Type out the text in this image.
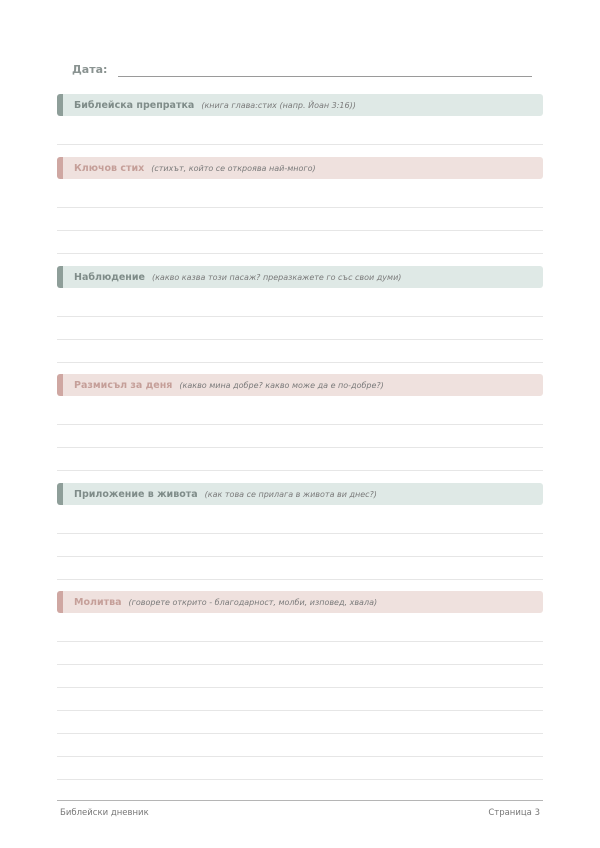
Дата:
Библейска препратка (книга глава:стих (напр. Йоан 3:16))
Ключов стих (стихът, който се откроява най-много)
Наблюдение (какво казва този пасаж? преразкажете го със свои думи)
Размисъл за деня (какво мина добре? какво може да е по-добре?)
Приложение в живота (как това се прилага в живота ви днес?)
Молитва (говорете открито - благодарност, молби, изповед, хвала)
Библейски дневник	Страница 3
